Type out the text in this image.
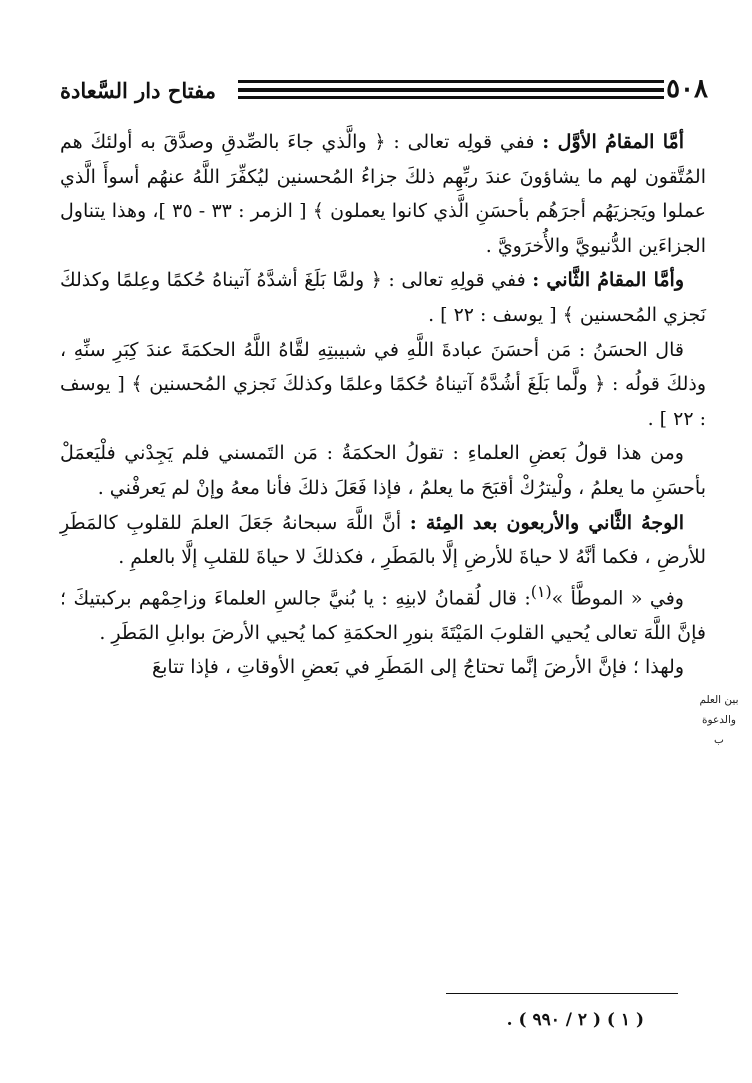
مفتاح دار السَّعادة	٥٠٨

أمَّا المقامُ الأوَّل : ففي قولِه تعالى : ﴿ والَّذي جاءَ بالصِّدقِ وصدَّقَ به أولئكَ هم المُتَّقون لهم ما يشاؤونَ عندَ ربِّهِم ذلكَ جزاءُ المُحسنين ليُكفِّرَ اللَّهُ عنهُم أسوأَ الَّذي عملوا ويَجزيَهُم أجرَهُم بأحسَنِ الَّذي كانوا يعملون ﴾ [ الزمر : ٣٣ - ٣٥ ]، وهذا يتناول الجزاءَين الدُّنيويَّ والأُخرَويَّ .

وأمَّا المقامُ الثَّاني : ففي قولِهِ تعالى : ﴿ ولمَّا بَلَغَ أشدَّهُ آتيناهُ حُكمًا وعِلمًا وكذلكَ نَجزي المُحسنين ﴾ [ يوسف : ٢٢ ] .

قال الحسَنُ : مَن أحسَنَ عبادةَ اللَّهِ في شبيبتِهِ لقَّاهُ اللَّهُ الحكمَةَ عندَ كِبَرِ سنِّهِ ، وذلكَ قولُه : ﴿ ولَّما بَلَغَ أشُدَّهُ آتيناهُ حُكمًا وعلمًا وكذلكَ نَجزي المُحسنين ﴾ [ يوسف : ٢٢ ] .

ومن هذا قولُ بَعضِ العلماءِ : تقولُ الحكمَةُ : مَن التَمسني فلم يَجِدْني فلْيَعمَلْ بأحسَنِ ما يعلمُ ، ولْيترُكْ أقبَحَ ما يعلمُ ، فإذا فَعَلَ ذلكَ فأنا معهُ وإنْ لم يَعرفْني .

الوجهُ الثَّاني والأربعون بعد المِئة : أنَّ اللَّهَ سبحانهُ جَعَلَ العلمَ للقلوبِ كالمَطَرِ للأرضِ ، فكما أنَّهُ لا حياةَ للأرضِ إلَّا بالمَطَرِ ، فكذلكَ لا حياةَ للقلبِ إلَّا بالعلمِ .

وفي « الموطَّأ »$^{(١)}$: قال لُقمانُ لابنِهِ : يا بُنيَّ جالسِ العلماءَ وزاحِمْهم بركبتيكَ ؛ فإنَّ اللَّهَ تعالى يُحيي القلوبَ المَيْتَةَ بنورِ الحكمَةِ كما يُحيي الأرضَ بوابلِ المَطَرِ .

ولهذا ؛ فإنَّ الأرضَ إنَّما تحتاجُ إلى المَطَرِ في بَعضِ الأوقاتِ ، فإذا تتابعَ

بين العلم
والدعوة
ب
( ١ ) ( ٢ / ٩٩٠ ) .
